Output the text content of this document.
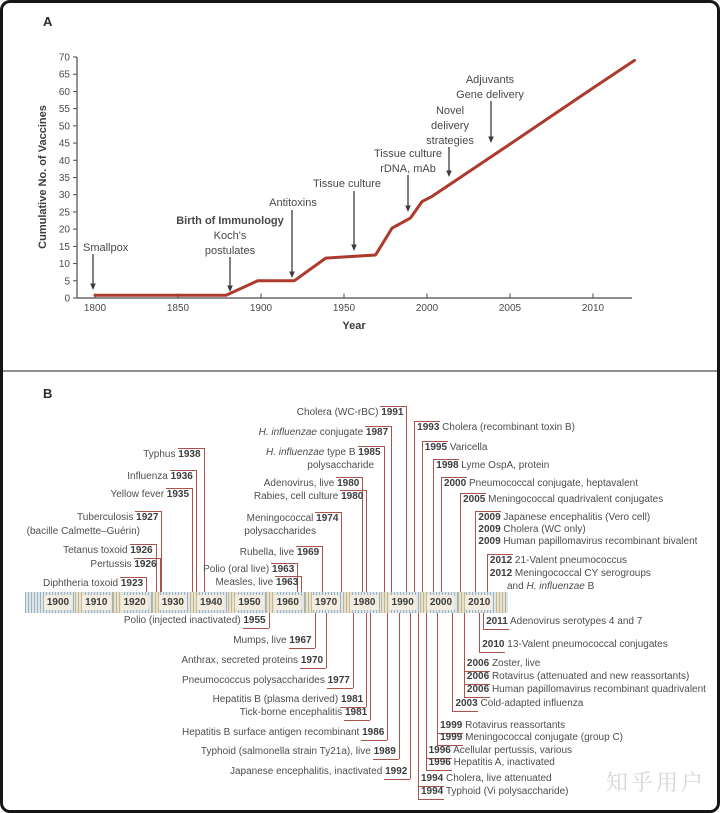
0
5
10
15
20
25
30
35
40
45
50
55
60
65
70
1800	1850	1900	1950	2000	2005	2010
Year
Cumulative No. of Vaccines	Smallpox
Birth of Immunology
Koch's
postulates
Antitoxins
Tissue culture
Tissue culture
rDNA, mAb
Novel
delivery
strategies
Adjuvants
Gene delivery
A
B
1900	1910	1920	1930	1940	1950	1960	1970	1980	1990	2000	2010
Typhus 1938
Influenza 1936
Yellow fever 1935
Tuberculosis 1927
(bacille Calmette–Guérin)
Tetanus toxoid 1926
Pertussis 1926
Diphtheria toxoid 1923
Cholera (WC-rBC) 1991
H. influenzae conjugate 1987
H. influenzae type B 1985
polysaccharide
Adenovirus, live 1980
Rabies, cell culture 1980
Meningococcal 1974
polysaccharides
Rubella, live 1969
Polio (oral live) 1963
Measles, live 1963
1993 Cholera (recombinant toxin B)
1995 Varicella
1998 Lyme OspA, protein
2000 Pneumococcal conjugate, heptavalent
2005 Meningococcal quadrivalent conjugates
2009 Japanese encephalitis (Vero cell)
2009 Cholera (WC only)
2009 Human papillomavirus recombinant bivalent
2012 21-Valent pneumococcus
2012 Meningococcal CY serogroups
and H. influenzae B
Polio (injected inactivated) 1955
Mumps, live 1967
Anthrax, secreted proteins 1970
Pneumococcus polysaccharides 1977
Hepatitis B (plasma derived) 1981
Tick-borne encephalitis 1981
Hepatitis B surface antigen recombinant 1986
Typhoid (salmonella strain Ty21a), live 1989
Japanese encephalitis, inactivated 1992
2011 Adenovirus serotypes 4 and 7
2010 13-Valent pneumococcal conjugates
2006 Zoster, live
2006 Rotavirus (attenuated and new reassortants)
2006 Human papillomavirus recombinant quadrivalent
2003 Cold-adapted influenza
1999 Rotavirus reassortants
1999 Meningococcal conjugate (group C)
1996 Acellular pertussis, various
1996 Hepatitis A, inactivated
1994 Cholera, live attenuated
1994 Typhoid (Vi polysaccharide) 知乎用户
